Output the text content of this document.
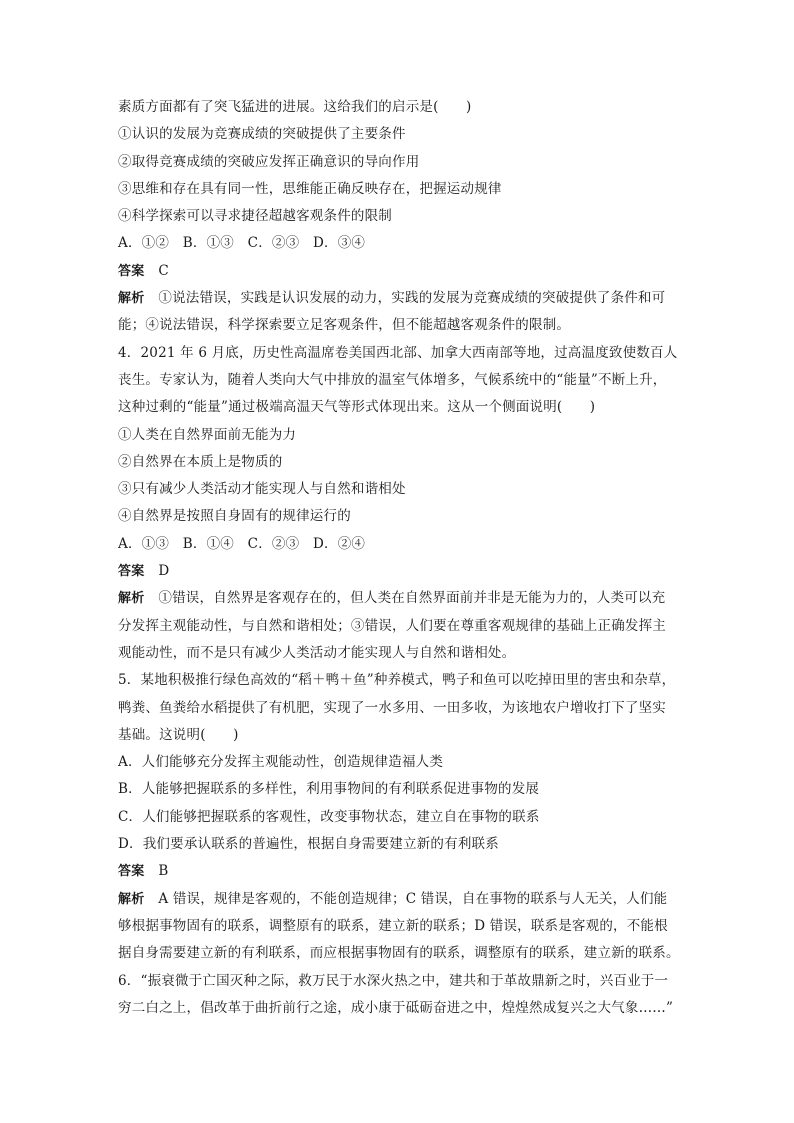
素质方面都有了突飞猛进的进展。这给我们的启示是(　　)
①认识的发展为竞赛成绩的突破提供了主要条件
②取得竞赛成绩的突破应发挥正确意识的导向作用
③思维和存在具有同一性，思维能正确反映存在，把握运动规律
④科学探索可以寻求捷径超越客观条件的限制
A．①②　B．①③　C．②③　D．③④
答案 C
解析 ①说法错误，实践是认识发展的动力，实践的发展为竞赛成绩的突破提供了条件和可
能；④说法错误，科学探索要立足客观条件，但不能超越客观条件的限制。
4．2021 年 6 月底，历史性高温席卷美国西北部、加拿大西南部等地，过高温度致使数百人
丧生。专家认为，随着人类向大气中排放的温室气体增多，气候系统中的“能量”不断上升，
这种过剩的“能量”通过极端高温天气等形式体现出来。这从一个侧面说明(　　)
①人类在自然界面前无能为力
②自然界在本质上是物质的
③只有减少人类活动才能实现人与自然和谐相处
④自然界是按照自身固有的规律运行的
A．①③　B．①④　C．②③　D．②④
答案 D
解析 ①错误，自然界是客观存在的，但人类在自然界面前并非是无能为力的，人类可以充
分发挥主观能动性，与自然和谐相处；③错误，人们要在尊重客观规律的基础上正确发挥主
观能动性，而不是只有减少人类活动才能实现人与自然和谐相处。
5．某地积极推行绿色高效的“稻＋鸭＋鱼”种养模式，鸭子和鱼可以吃掉田里的害虫和杂草，
鸭粪、鱼粪给水稻提供了有机肥，实现了一水多用、一田多收，为该地农户增收打下了坚实
基础。这说明(　　)
A．人们能够充分发挥主观能动性，创造规律造福人类
B．人能够把握联系的多样性，利用事物间的有利联系促进事物的发展
C．人们能够把握联系的客观性，改变事物状态，建立自在事物的联系
D．我们要承认联系的普遍性，根据自身需要建立新的有利联系
答案 B
解析 A 错误，规律是客观的，不能创造规律；C 错误，自在事物的联系与人无关，人们能
够根据事物固有的联系，调整原有的联系，建立新的联系；D 错误，联系是客观的，不能根
据自身需要建立新的有利联系，而应根据事物固有的联系，调整原有的联系，建立新的联系。
6．“振衰微于亡国灭种之际，救万民于水深火热之中，建共和于革故鼎新之时，兴百业于一
穷二白之上，倡改革于曲折前行之途，成小康于砥砺奋进之中，煌煌然成复兴之大气象……”
